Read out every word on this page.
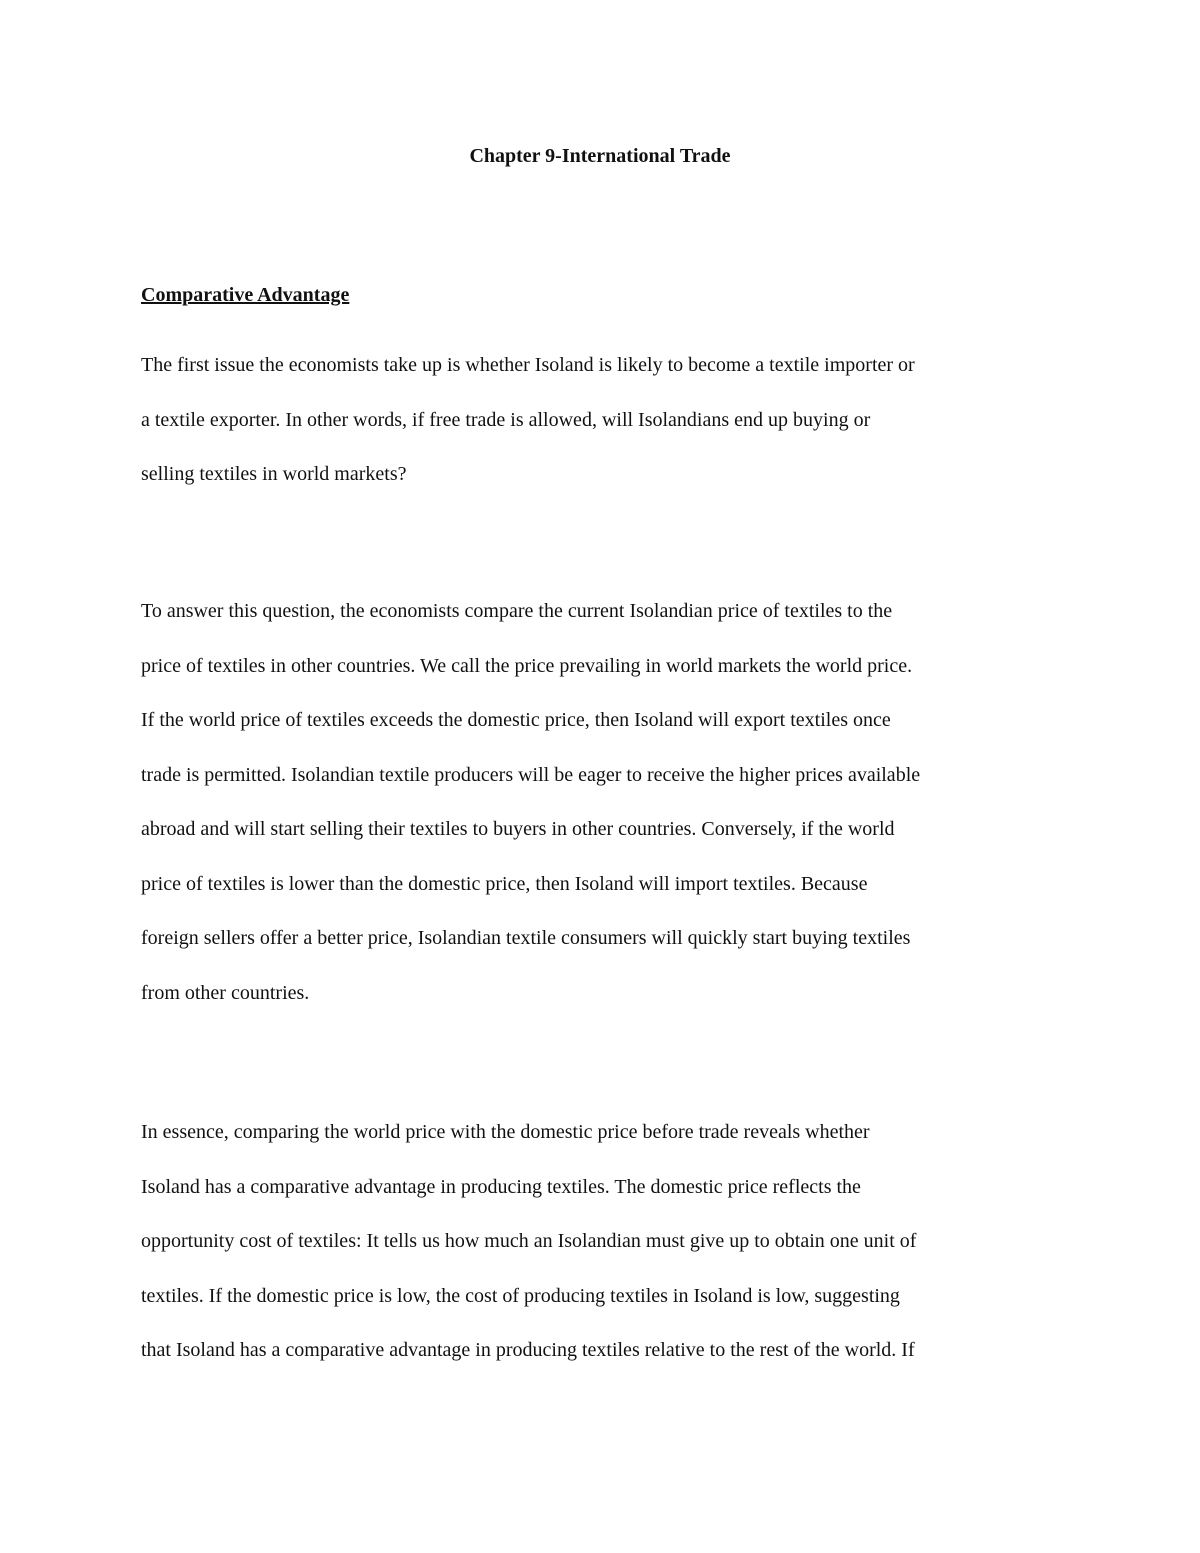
Chapter 9-International Trade
Comparative Advantage
The first issue the economists take up is whether Isoland is likely to become a textile importer or
a textile exporter. In other words, if free trade is allowed, will Isolandians end up buying or
selling textiles in world markets?
To answer this question, the economists compare the current Isolandian price of textiles to the
price of textiles in other countries. We call the price prevailing in world markets the world price.
If the world price of textiles exceeds the domestic price, then Isoland will export textiles once
trade is permitted. Isolandian textile producers will be eager to receive the higher prices available
abroad and will start selling their textiles to buyers in other countries. Conversely, if the world
price of textiles is lower than the domestic price, then Isoland will import textiles. Because
foreign sellers offer a better price, Isolandian textile consumers will quickly start buying textiles
from other countries.
In essence, comparing the world price with the domestic price before trade reveals whether
Isoland has a comparative advantage in producing textiles. The domestic price reflects the
opportunity cost of textiles: It tells us how much an Isolandian must give up to obtain one unit of
textiles. If the domestic price is low, the cost of producing textiles in Isoland is low, suggesting
that Isoland has a comparative advantage in producing textiles relative to the rest of the world. If
